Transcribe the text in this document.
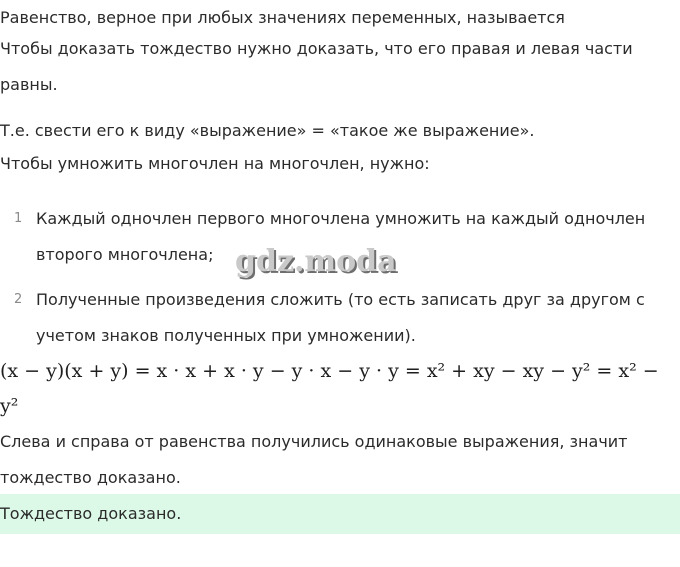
Равенство, верное при любых значениях переменных, называется
Чтобы доказать тождество нужно доказать, что его правая и левая части
равны.
Т.е. свести его к виду «выражение» = «такое же выражение».
Чтобы умножить многочлен на многочлен, нужно:
1 Каждый одночлен первого многочлена умножить на каждый одночлен
второго многочлена;
2 Полученные произведения сложить (то есть записать друг за другом с
учетом знаков полученных при умножении).
gdz.moda
(x − y)(x + y) = x · x + x · y − y · x − y · y = x² + xy − xy − y² = x² −
y²
Слева и справа от равенства получились одинаковые выражения, значит
тождество доказано.
Тождество доказано.
